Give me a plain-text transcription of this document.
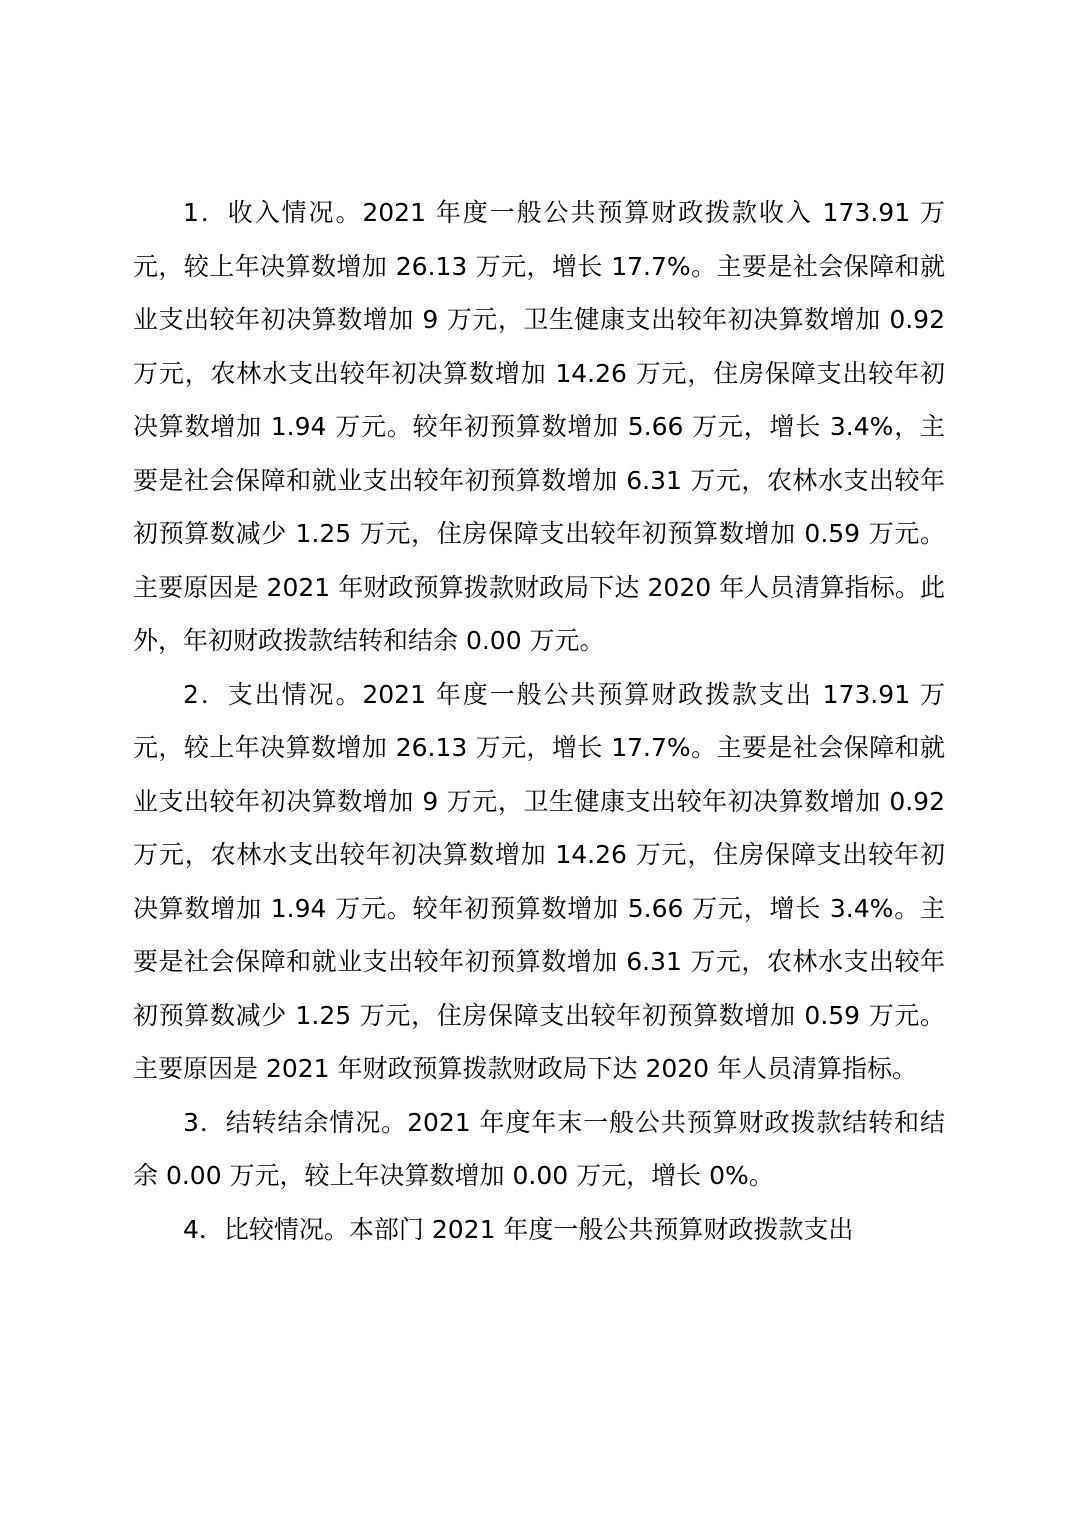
1．收入情况。2021 年度一般公共预算财政拨款收入 173.91 万元，较上年决算数增加 26.13 万元，增长 17.7%。主要是社会保障和就业支出较年初决算数增加 9 万元，卫生健康支出较年初决算数增加 0.92 万元，农林水支出较年初决算数增加 14.26 万元，住房保障支出较年初决算数增加 1.94 万元。较年初预算数增加 5.66 万元，增长 3.4%，主要是社会保障和就业支出较年初预算数增加 6.31 万元，农林水支出较年初预算数减少 1.25 万元，住房保障支出较年初预算数增加 0.59 万元。主要原因是 2021 年财政预算拨款财政局下达 2020 年人员清算指标。此外，年初财政拨款结转和结余 0.00 万元。

2．支出情况。2021 年度一般公共预算财政拨款支出 173.91 万元，较上年决算数增加 26.13 万元，增长 17.7%。主要是社会保障和就业支出较年初决算数增加 9 万元，卫生健康支出较年初决算数增加 0.92 万元，农林水支出较年初决算数增加 14.26 万元，住房保障支出较年初决算数增加 1.94 万元。较年初预算数增加 5.66 万元，增长 3.4%。主要是社会保障和就业支出较年初预算数增加 6.31 万元，农林水支出较年初预算数减少 1.25 万元，住房保障支出较年初预算数增加 0.59 万元。主要原因是 2021 年财政预算拨款财政局下达 2020 年人员清算指标。

3．结转结余情况。2021 年度年末一般公共预算财政拨款结转和结余 0.00 万元，较上年决算数增加 0.00 万元，增长 0%。

4．比较情况。本部门 2021 年度一般公共预算财政拨款支出
